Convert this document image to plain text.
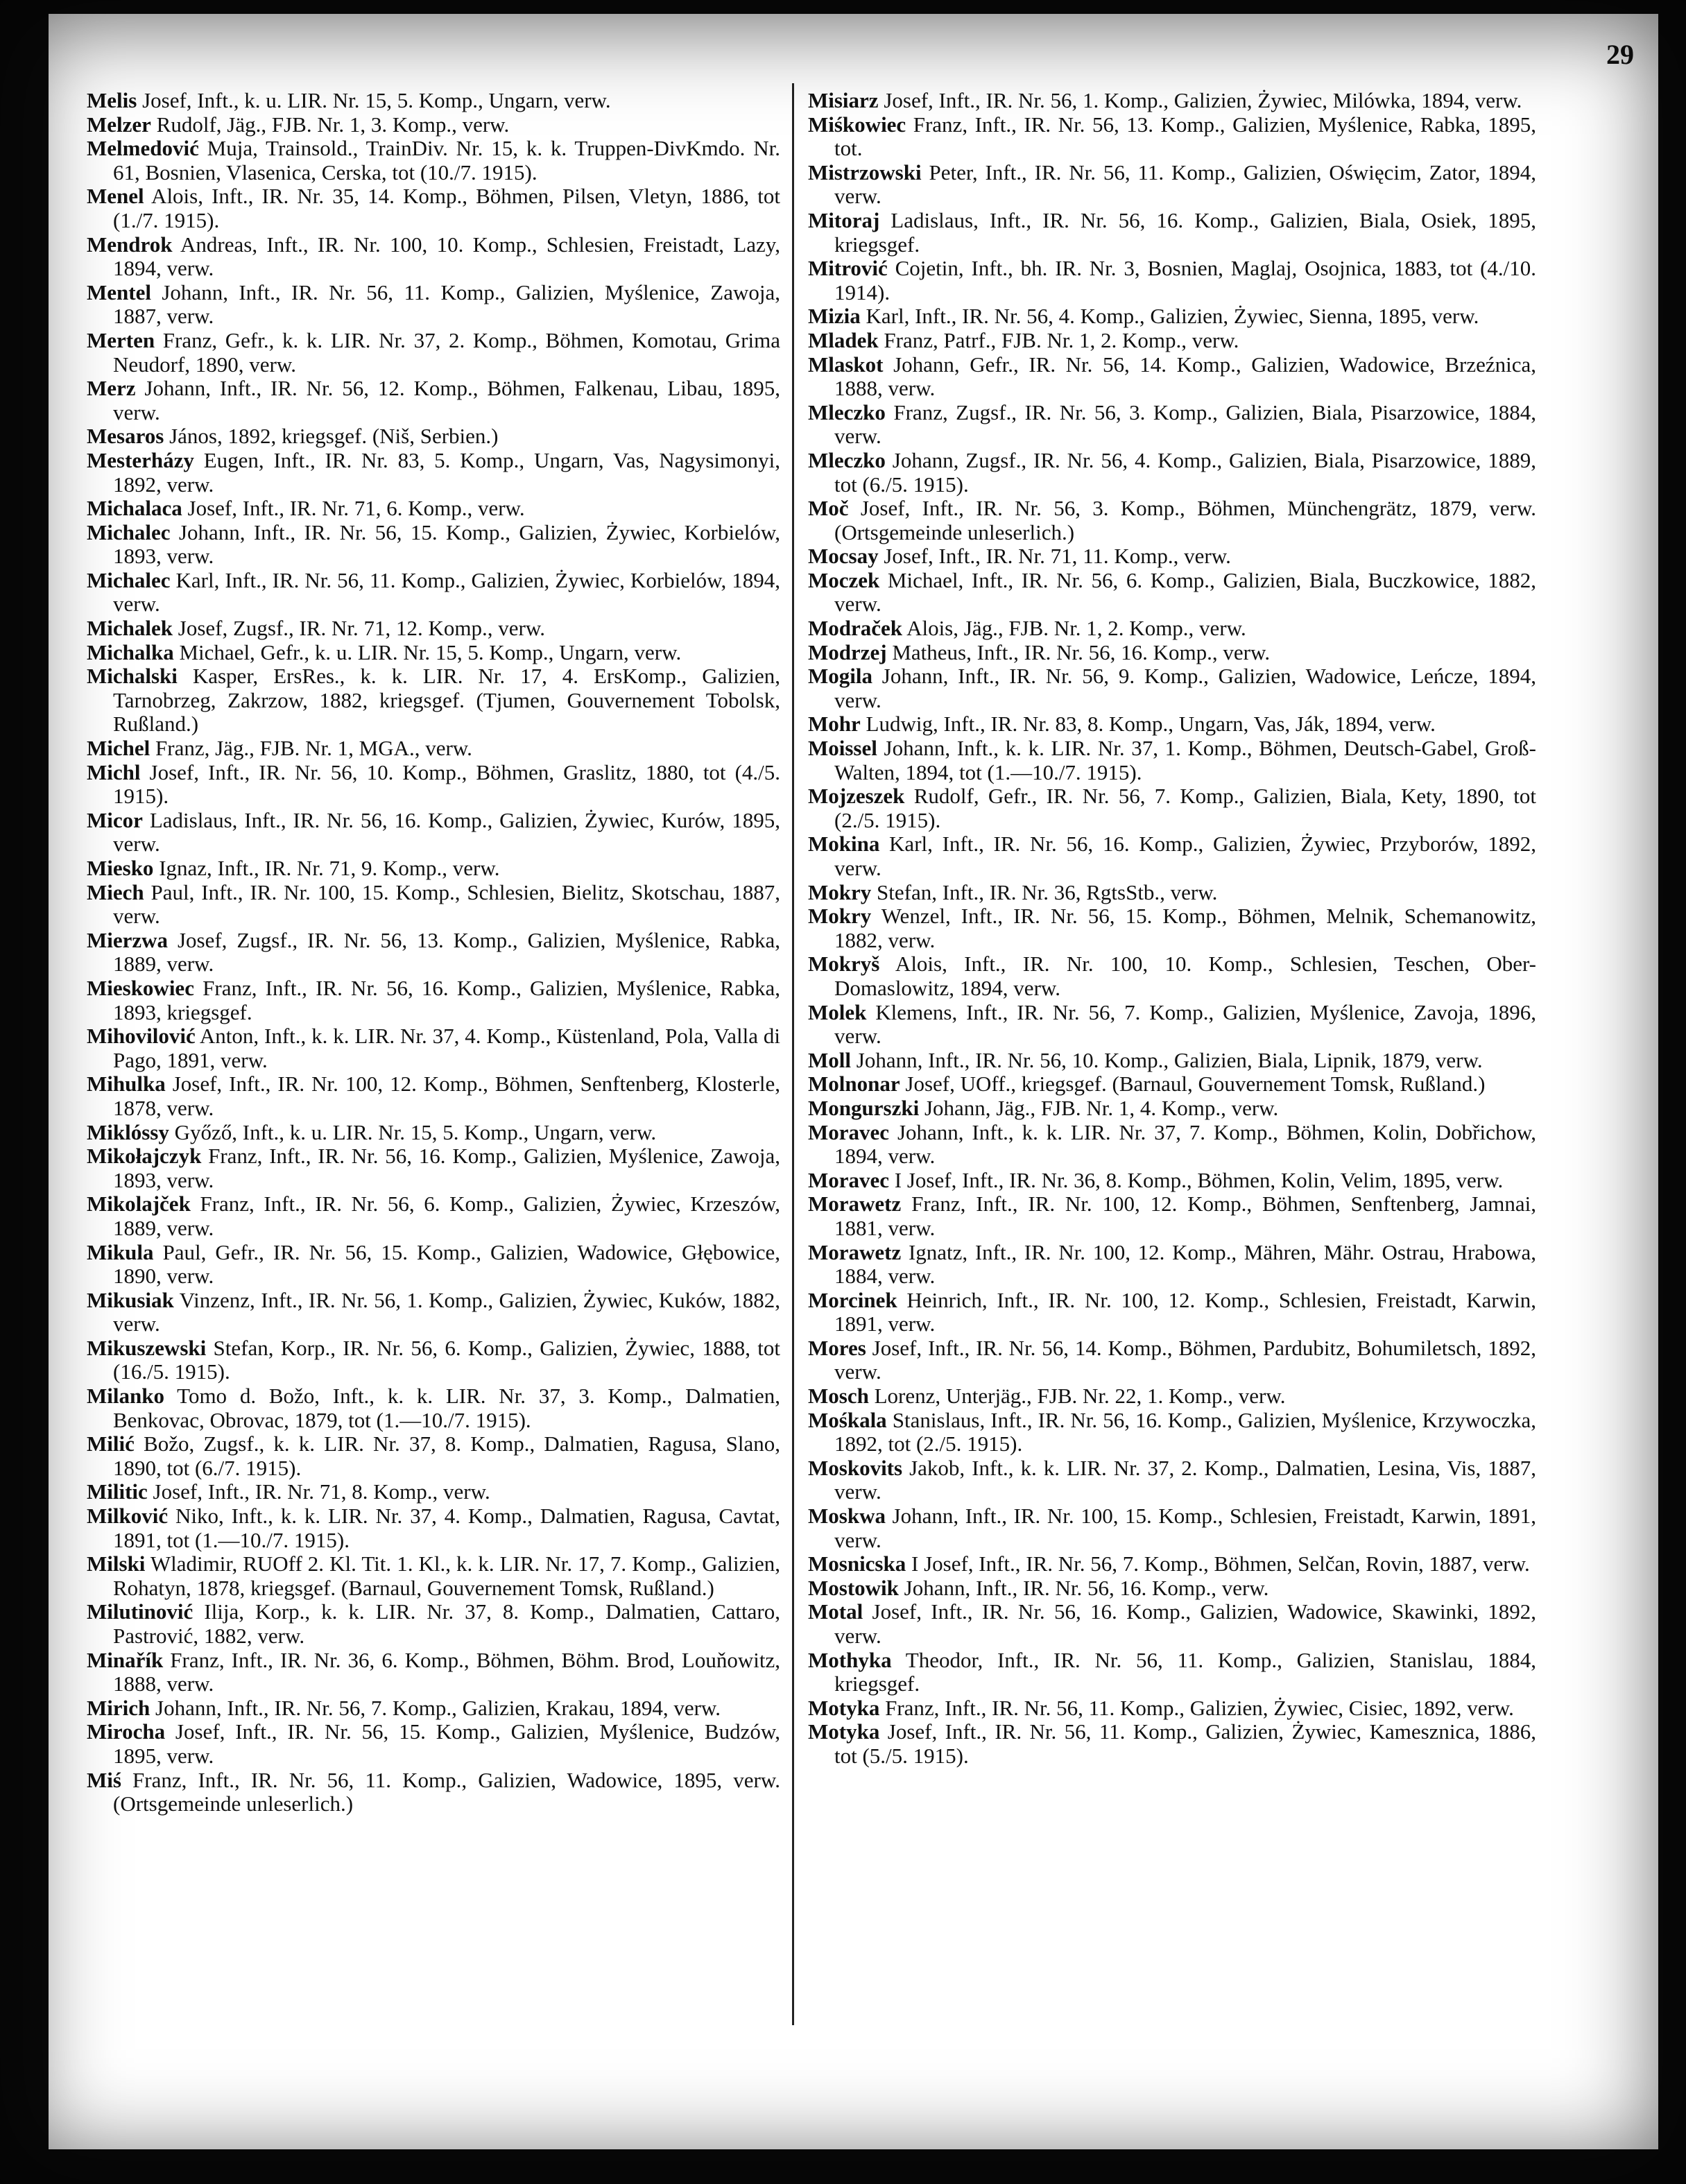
29

Melis Josef, Inft., k. u. LIR. Nr. 15, 5. Komp., Ungarn, verw.

Melzer Rudolf, Jäg., FJB. Nr. 1, 3. Komp., verw.

Melmedović Muja, Trainsold., TrainDiv. Nr. 15, k. k. Truppen-DivKmdo. Nr. 61, Bosnien, Vlasenica, Cerska, tot (10./7. 1915).

Menel Alois, Inft., IR. Nr. 35, 14. Komp., Böhmen, Pilsen, Vletyn, 1886, tot (1./7. 1915).

Mendrok Andreas, Inft., IR. Nr. 100, 10. Komp., Schlesien, Freistadt, Lazy, 1894, verw.

Mentel Johann, Inft., IR. Nr. 56, 11. Komp., Galizien, Myślenice, Zawoja, 1887, verw.

Merten Franz, Gefr., k. k. LIR. Nr. 37, 2. Komp., Böhmen, Komotau, Grima Neudorf, 1890, verw.

Merz Johann, Inft., IR. Nr. 56, 12. Komp., Böhmen, Falkenau, Libau, 1895, verw.

Mesaros János, 1892, kriegsgef. (Niš, Serbien.)

Mesterházy Eugen, Inft., IR. Nr. 83, 5. Komp., Ungarn, Vas, Nagysimonyi, 1892, verw.

Michalaca Josef, Inft., IR. Nr. 71, 6. Komp., verw.

Michalec Johann, Inft., IR. Nr. 56, 15. Komp., Galizien, Żywiec, Korbielów, 1893, verw.

Michalec Karl, Inft., IR. Nr. 56, 11. Komp., Galizien, Żywiec, Korbielów, 1894, verw.

Michalek Josef, Zugsf., IR. Nr. 71, 12. Komp., verw.

Michalka Michael, Gefr., k. u. LIR. Nr. 15, 5. Komp., Ungarn, verw.

Michalski Kasper, ErsRes., k. k. LIR. Nr. 17, 4. ErsKomp., Galizien, Tarnobrzeg, Zakrzow, 1882, kriegsgef. (Tjumen, Gouvernement Tobolsk, Rußland.)

Michel Franz, Jäg., FJB. Nr. 1, MGA., verw.

Michl Josef, Inft., IR. Nr. 56, 10. Komp., Böhmen, Graslitz, 1880, tot (4./5. 1915).

Micor Ladislaus, Inft., IR. Nr. 56, 16. Komp., Galizien, Żywiec, Kurów, 1895, verw.

Miesko Ignaz, Inft., IR. Nr. 71, 9. Komp., verw.

Miech Paul, Inft., IR. Nr. 100, 15. Komp., Schlesien, Bielitz, Skotschau, 1887, verw.

Mierzwa Josef, Zugsf., IR. Nr. 56, 13. Komp., Galizien, Myślenice, Rabka, 1889, verw.

Mieskowiec Franz, Inft., IR. Nr. 56, 16. Komp., Galizien, Myślenice, Rabka, 1893, kriegsgef.

Mihovilović Anton, Inft., k. k. LIR. Nr. 37, 4. Komp., Küstenland, Pola, Valla di Pago, 1891, verw.

Mihulka Josef, Inft., IR. Nr. 100, 12. Komp., Böhmen, Senftenberg, Klosterle, 1878, verw.

Miklóssy Győző, Inft., k. u. LIR. Nr. 15, 5. Komp., Ungarn, verw.

Mikołajczyk Franz, Inft., IR. Nr. 56, 16. Komp., Galizien, Myślenice, Zawoja, 1893, verw.

Mikolajček Franz, Inft., IR. Nr. 56, 6. Komp., Galizien, Żywiec, Krzeszów, 1889, verw.

Mikula Paul, Gefr., IR. Nr. 56, 15. Komp., Galizien, Wadowice, Głębowice, 1890, verw.

Mikusiak Vinzenz, Inft., IR. Nr. 56, 1. Komp., Galizien, Żywiec, Kuków, 1882, verw.

Mikuszewski Stefan, Korp., IR. Nr. 56, 6. Komp., Galizien, Żywiec, 1888, tot (16./5. 1915).

Milanko Tomo d. Božo, Inft., k. k. LIR. Nr. 37, 3. Komp., Dalmatien, Benkovac, Obrovac, 1879, tot (1.—10./7. 1915).

Milić Božo, Zugsf., k. k. LIR. Nr. 37, 8. Komp., Dalmatien, Ragusa, Slano, 1890, tot (6./7. 1915).

Militic Josef, Inft., IR. Nr. 71, 8. Komp., verw.

Milković Niko, Inft., k. k. LIR. Nr. 37, 4. Komp., Dalmatien, Ragusa, Cavtat, 1891, tot (1.—10./7. 1915).

Milski Wladimir, RUOff 2. Kl. Tit. 1. Kl., k. k. LIR. Nr. 17, 7. Komp., Galizien, Rohatyn, 1878, kriegsgef. (Barnaul, Gouvernement Tomsk, Rußland.)

Milutinović Ilija, Korp., k. k. LIR. Nr. 37, 8. Komp., Dalmatien, Cattaro, Pastrović, 1882, verw.

Minařík Franz, Inft., IR. Nr. 36, 6. Komp., Böhmen, Böhm. Brod, Louňowitz, 1888, verw.

Mirich Johann, Inft., IR. Nr. 56, 7. Komp., Galizien, Krakau, 1894, verw.

Mirocha Josef, Inft., IR. Nr. 56, 15. Komp., Galizien, Myślenice, Budzów, 1895, verw.

Miś Franz, Inft., IR. Nr. 56, 11. Komp., Galizien, Wadowice, 1895, verw. (Ortsgemeinde unleserlich.)

Misiarz Josef, Inft., IR. Nr. 56, 1. Komp., Galizien, Żywiec, Milówka, 1894, verw.

Miśkowiec Franz, Inft., IR. Nr. 56, 13. Komp., Galizien, Myślenice, Rabka, 1895, tot.

Mistrzowski Peter, Inft., IR. Nr. 56, 11. Komp., Galizien, Oświęcim, Zator, 1894, verw.

Mitoraj Ladislaus, Inft., IR. Nr. 56, 16. Komp., Galizien, Biala, Osiek, 1895, kriegsgef.

Mitrović Cojetin, Inft., bh. IR. Nr. 3, Bosnien, Maglaj, Osojnica, 1883, tot (4./10. 1914).

Mizia Karl, Inft., IR. Nr. 56, 4. Komp., Galizien, Żywiec, Sienna, 1895, verw.

Mladek Franz, Patrf., FJB. Nr. 1, 2. Komp., verw.

Mlaskot Johann, Gefr., IR. Nr. 56, 14. Komp., Galizien, Wadowice, Brzeźnica, 1888, verw.

Mleczko Franz, Zugsf., IR. Nr. 56, 3. Komp., Galizien, Biala, Pisarzowice, 1884, verw.

Mleczko Johann, Zugsf., IR. Nr. 56, 4. Komp., Galizien, Biala, Pisarzowice, 1889, tot (6./5. 1915).

Moč Josef, Inft., IR. Nr. 56, 3. Komp., Böhmen, Münchengrätz, 1879, verw. (Ortsgemeinde unleserlich.)

Mocsay Josef, Inft., IR. Nr. 71, 11. Komp., verw.

Moczek Michael, Inft., IR. Nr. 56, 6. Komp., Galizien, Biala, Buczkowice, 1882, verw.

Modraček Alois, Jäg., FJB. Nr. 1, 2. Komp., verw.

Modrzej Matheus, Inft., IR. Nr. 56, 16. Komp., verw.

Mogila Johann, Inft., IR. Nr. 56, 9. Komp., Galizien, Wadowice, Leńcze, 1894, verw.

Mohr Ludwig, Inft., IR. Nr. 83, 8. Komp., Ungarn, Vas, Ják, 1894, verw.

Moissel Johann, Inft., k. k. LIR. Nr. 37, 1. Komp., Böhmen, Deutsch-Gabel, Groß-Walten, 1894, tot (1.—10./7. 1915).

Mojzeszek Rudolf, Gefr., IR. Nr. 56, 7. Komp., Galizien, Biala, Kety, 1890, tot (2./5. 1915).

Mokina Karl, Inft., IR. Nr. 56, 16. Komp., Galizien, Żywiec, Przyborów, 1892, verw.

Mokry Stefan, Inft., IR. Nr. 36, RgtsStb., verw.

Mokry Wenzel, Inft., IR. Nr. 56, 15. Komp., Böhmen, Melnik, Schemanowitz, 1882, verw.

Mokryš Alois, Inft., IR. Nr. 100, 10. Komp., Schlesien, Teschen, Ober-Domaslowitz, 1894, verw.

Molek Klemens, Inft., IR. Nr. 56, 7. Komp., Galizien, Myślenice, Zavoja, 1896, verw.

Moll Johann, Inft., IR. Nr. 56, 10. Komp., Galizien, Biala, Lipnik, 1879, verw.

Molnonar Josef, UOff., kriegsgef. (Barnaul, Gouvernement Tomsk, Rußland.)

Mongurszki Johann, Jäg., FJB. Nr. 1, 4. Komp., verw.

Moravec Johann, Inft., k. k. LIR. Nr. 37, 7. Komp., Böhmen, Kolin, Dobřichow, 1894, verw.

Moravec I Josef, Inft., IR. Nr. 36, 8. Komp., Böhmen, Kolin, Velim, 1895, verw.

Morawetz Franz, Inft., IR. Nr. 100, 12. Komp., Böhmen, Senftenberg, Jamnai, 1881, verw.

Morawetz Ignatz, Inft., IR. Nr. 100, 12. Komp., Mähren, Mähr. Ostrau, Hrabowa, 1884, verw.

Morcinek Heinrich, Inft., IR. Nr. 100, 12. Komp., Schlesien, Freistadt, Karwin, 1891, verw.

Mores Josef, Inft., IR. Nr. 56, 14. Komp., Böhmen, Pardubitz, Bohumiletsch, 1892, verw.

Mosch Lorenz, Unterjäg., FJB. Nr. 22, 1. Komp., verw.

Mośkala Stanislaus, Inft., IR. Nr. 56, 16. Komp., Galizien, Myślenice, Krzywoczka, 1892, tot (2./5. 1915).

Moskovits Jakob, Inft., k. k. LIR. Nr. 37, 2. Komp., Dalmatien, Lesina, Vis, 1887, verw.

Moskwa Johann, Inft., IR. Nr. 100, 15. Komp., Schlesien, Freistadt, Karwin, 1891, verw.

Mosnicska I Josef, Inft., IR. Nr. 56, 7. Komp., Böhmen, Selčan, Rovin, 1887, verw.

Mostowik Johann, Inft., IR. Nr. 56, 16. Komp., verw.

Motal Josef, Inft., IR. Nr. 56, 16. Komp., Galizien, Wadowice, Skawinki, 1892, verw.

Mothyka Theodor, Inft., IR. Nr. 56, 11. Komp., Galizien, Stanislau, 1884, kriegsgef.

Motyka Franz, Inft., IR. Nr. 56, 11. Komp., Galizien, Żywiec, Cisiec, 1892, verw.

Motyka Josef, Inft., IR. Nr. 56, 11. Komp., Galizien, Żywiec, Kamesznica, 1886, tot (5./5. 1915).
